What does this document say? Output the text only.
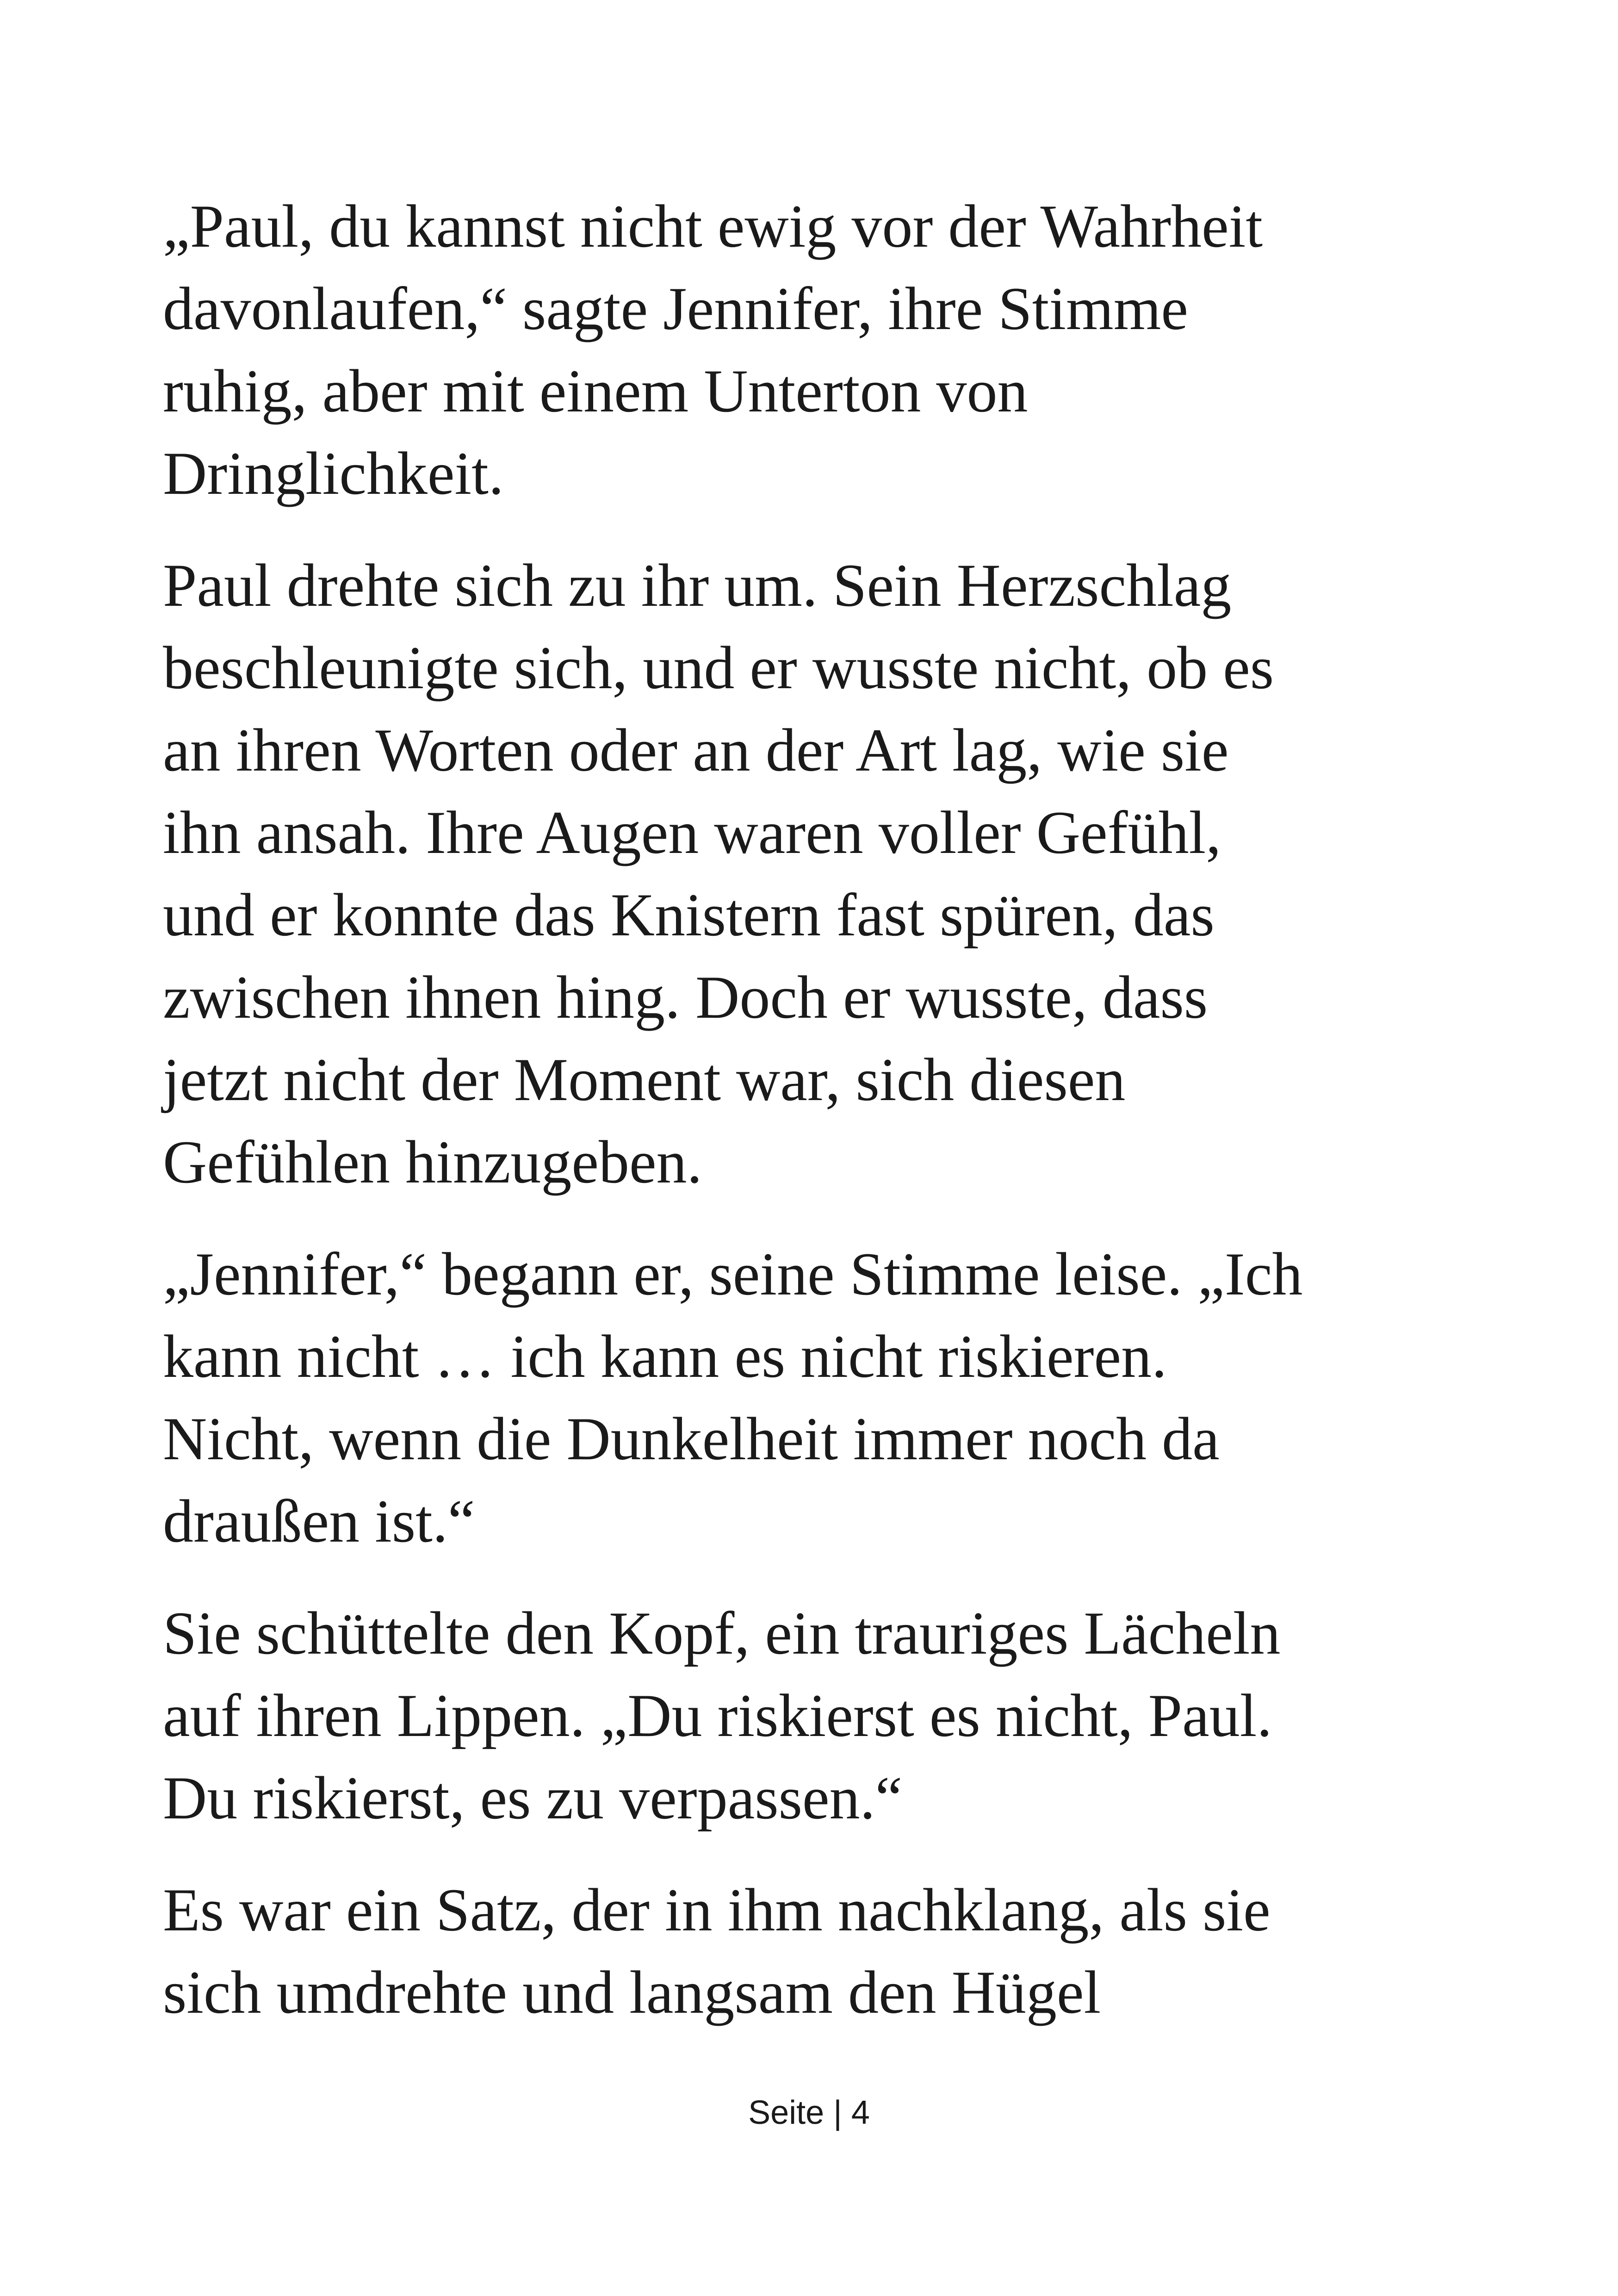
„Paul, du kannst nicht ewig vor der Wahrheit
davonlaufen,“ sagte Jennifer, ihre Stimme
ruhig, aber mit einem Unterton von
Dringlichkeit.

Paul drehte sich zu ihr um. Sein Herzschlag
beschleunigte sich, und er wusste nicht, ob es
an ihren Worten oder an der Art lag, wie sie
ihn ansah. Ihre Augen waren voller Gefühl,
und er konnte das Knistern fast spüren, das
zwischen ihnen hing. Doch er wusste, dass
jetzt nicht der Moment war, sich diesen
Gefühlen hinzugeben.

„Jennifer,“ begann er, seine Stimme leise. „Ich
kann nicht … ich kann es nicht riskieren.
Nicht, wenn die Dunkelheit immer noch da
draußen ist.“

Sie schüttelte den Kopf, ein trauriges Lächeln
auf ihren Lippen. „Du riskierst es nicht, Paul.
Du riskierst, es zu verpassen.“

Es war ein Satz, der in ihm nachklang, als sie
sich umdrehte und langsam den Hügel

Seite | 4
